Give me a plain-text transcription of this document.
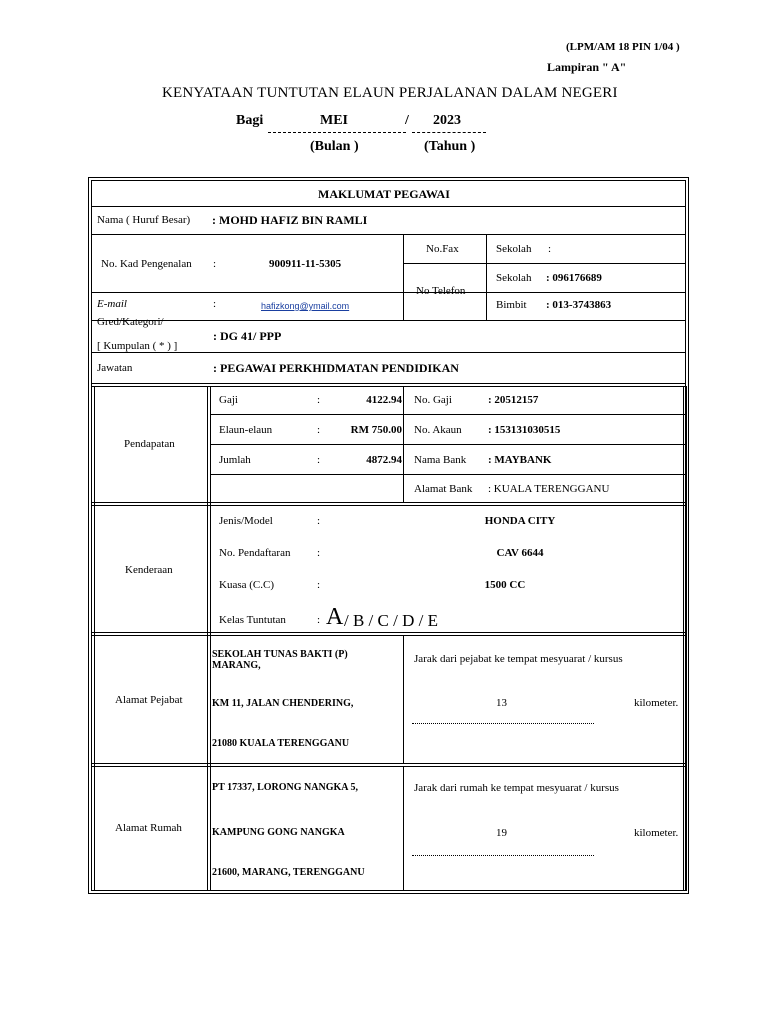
(LPM/AM 18 PIN 1/04 )
Lampiran " A"
KENYATAAN TUNTUTAN ELAUN PERJALANAN DALAM NEGERI
Bagi	MEI	/ 2023
(Bulan )	(Tahun )
MAKLUMAT PEGAWAI
Nama ( Huruf Besar) : MOHD HAFIZ BIN RAMLI
No. Kad Pengenalan :	900911-11-5305
No.Fax	Sekolah :
No Telefon
Sekolah : 096176689
Bimbit : 013-3743863
E-mail	:	hafizkong@ymail.com
Gred/Kategori/
[ Kumpulan ( * ) ]
: DG 41/ PPP
Jawatan	: PEGAWAI PERKHIDMATAN PENDIDIKAN
Pendapatan
Gaji	:	4122.94 No. Gaji	: 20512157
Elaun-elaun	:	RM 750.00 No. Akaun : 153131030515
Jumlah	:	4872.94 Nama Bank : MAYBANK
Alamat Bank : KUALA TERENGGANU
Kenderaan
Jenis/Model	:	HONDA CITY
No. Pendaftaran :	CAV 6644
Kuasa (C.C)	:	1500 CC
Kelas Tuntutan	: A / B / C / D / E
Alamat Pejabat
SEKOLAH TUNAS BAKTI (P)
MARANG,
KM 11, JALAN CHENDERING,
21080 KUALA TERENGGANU
Jarak dari pejabat ke tempat mesyuarat / kursus
13	kilometer.
Alamat Rumah
PT 17337, LORONG NANGKA 5,
KAMPUNG GONG NANGKA
21600, MARANG, TERENGGANU
Jarak dari rumah ke tempat mesyuarat / kursus
19	kilometer.
